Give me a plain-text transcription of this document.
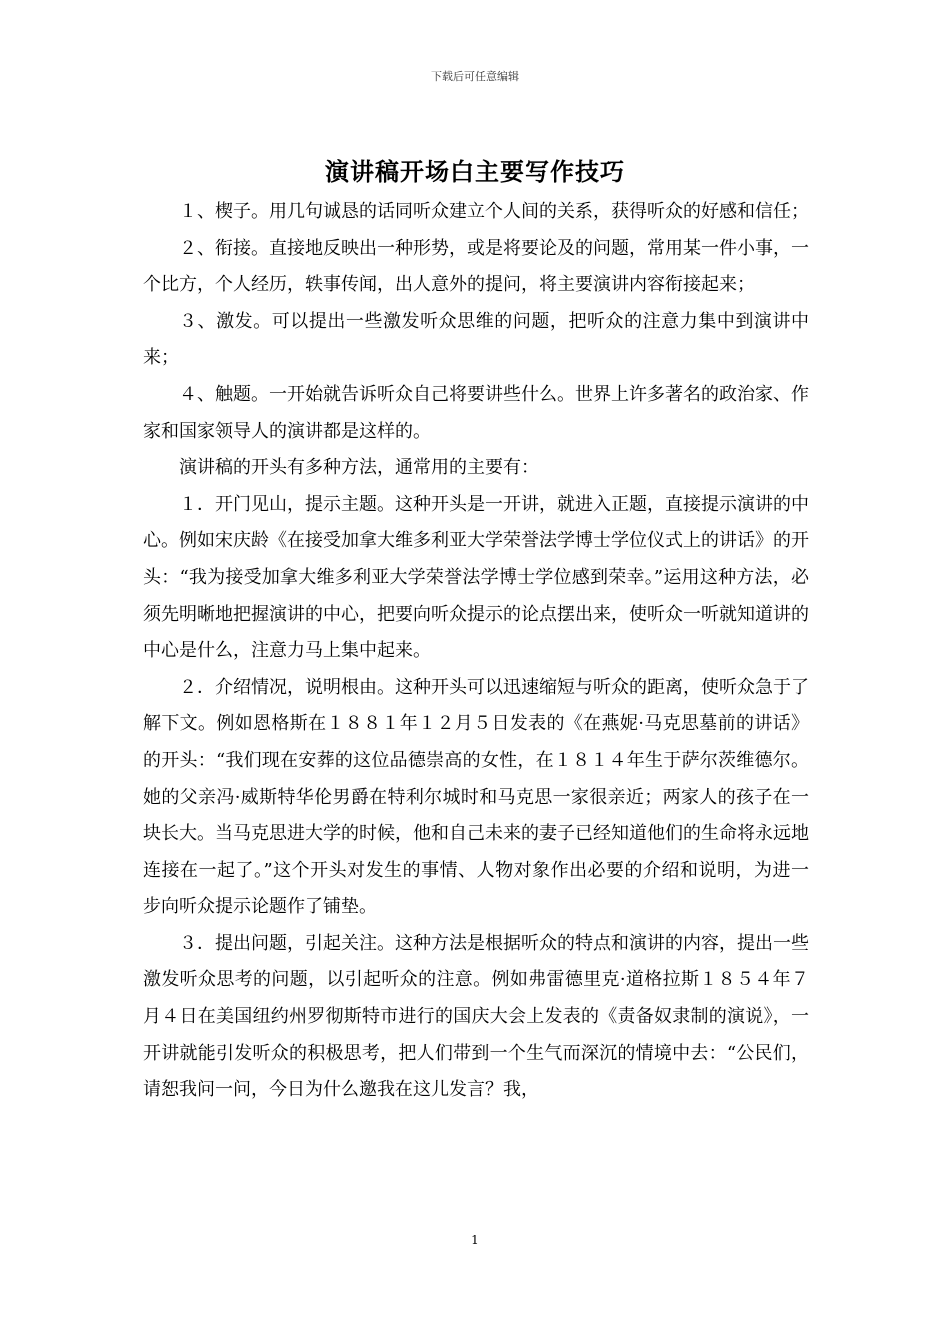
下载后可任意编辑
演讲稿开场白主要写作技巧

１、楔子。用几句诚恳的话同听众建立个人间的关系，获得听众的好感和信任；

２、衔接。直接地反映出一种形势，或是将要论及的问题，常用某一件小事，一个比方，个人经历，轶事传闻，出人意外的提问，将主要演讲内容衔接起来；

３、激发。可以提出一些激发听众思维的问题，把听众的注意力集中到演讲中来；

４、触题。一开始就告诉听众自己将要讲些什么。世界上许多著名的政治家、作家和国家领导人的演讲都是这样的。

演讲稿的开头有多种方法，通常用的主要有：

１．开门见山，提示主题。这种开头是一开讲，就进入正题，直接提示演讲的中心。例如宋庆龄《在接受加拿大维多利亚大学荣誉法学博士学位仪式上的讲话》的开头：“我为接受加拿大维多利亚大学荣誉法学博士学位感到荣幸。”运用这种方法，必须先明晰地把握演讲的中心，把要向听众提示的论点摆出来，使听众一听就知道讲的中心是什么，注意力马上集中起来。

２．介绍情况，说明根由。这种开头可以迅速缩短与听众的距离，使听众急于了解下文。例如恩格斯在１８８１年１２月５日发表的《在燕妮·马克思墓前的讲话》的开头：“我们现在安葬的这位品德崇高的女性，在１８１４年生于萨尔茨维德尔。她的父亲冯·威斯特华伦男爵在特利尔城时和马克思一家很亲近；两家人的孩子在一块长大。当马克思进大学的时候，他和自己未来的妻子已经知道他们的生命将永远地连接在一起了。”这个开头对发生的事情、人物对象作出必要的介绍和说明，为进一步向听众提示论题作了铺垫。

３．提出问题，引起关注。这种方法是根据听众的特点和演讲的内容，提出一些激发听众思考的问题，以引起听众的注意。例如弗雷德里克·道格拉斯１８５４年７月４日在美国纽约州罗彻斯特市进行的国庆大会上发表的《责备奴隶制的演说》，一开讲就能引发听众的积极思考，把人们带到一个生气而深沉的情境中去：“公民们，请恕我问一问，今日为什么邀我在这儿发言？我，

1
